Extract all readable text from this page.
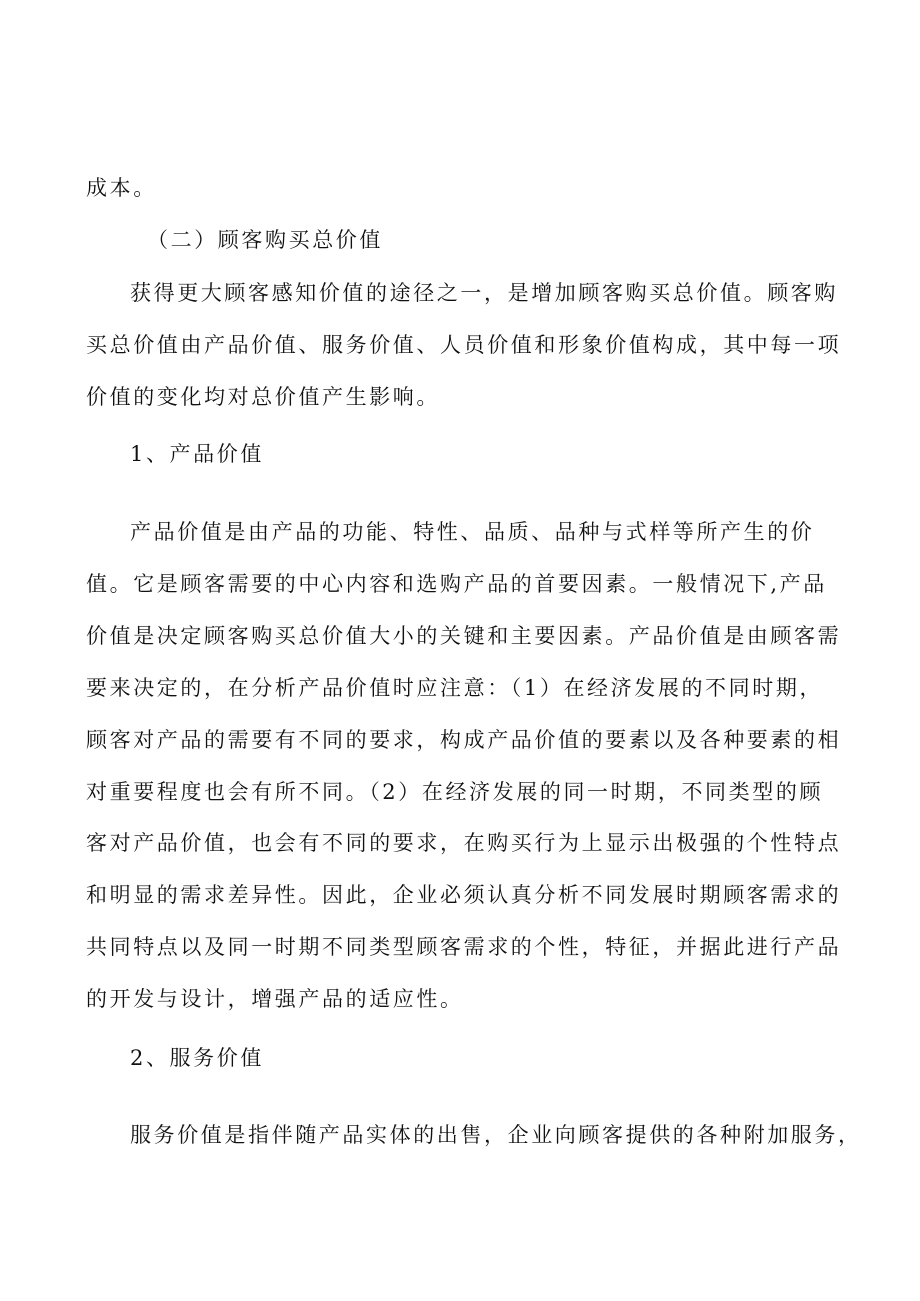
成本。
（二）顾客购买总价值
获得更大顾客感知价值的途径之一，是增加顾客购买总价值。顾客购
买总价值由产品价值、服务价值、人员价值和形象价值构成，其中每一项
价值的变化均对总价值产生影响。
1、产品价值
产品价值是由产品的功能、特性、品质、品种与式样等所产生的价
值。它是顾客需要的中心内容和选购产品的首要因素。一般情况下,产品
价值是决定顾客购买总价值大小的关键和主要因素。产品价值是由顾客需
要来决定的，在分析产品价值时应注意：（1）在经济发展的不同时期，
顾客对产品的需要有不同的要求，构成产品价值的要素以及各种要素的相
对重要程度也会有所不同。（2）在经济发展的同一时期，不同类型的顾
客对产品价值，也会有不同的要求，在购买行为上显示出极强的个性特点
和明显的需求差异性。因此，企业必须认真分析不同发展时期顾客需求的
共同特点以及同一时期不同类型顾客需求的个性，特征，并据此进行产品
的开发与设计，增强产品的适应性。
2、服务价值
服务价值是指伴随产品实体的出售，企业向顾客提供的各种附加服务，
